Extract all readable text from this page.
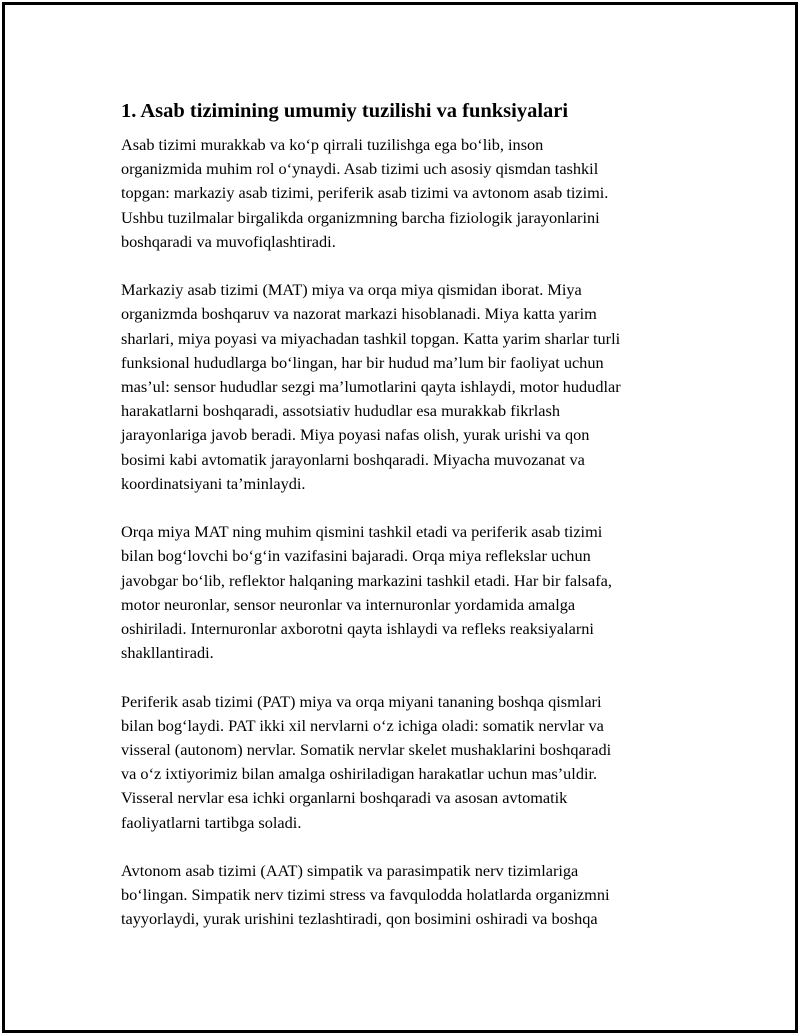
1. Asab tizimining umumiy tuzilishi va funksiyalari

Asab tizimi murakkab va koʻp qirrali tuzilishga ega boʻlib, inson
organizmida muhim rol oʻynaydi. Asab tizimi uch asosiy qismdan tashkil
topgan: markaziy asab tizimi, periferik asab tizimi va avtonom asab tizimi.
Ushbu tuzilmalar birgalikda organizmning barcha fiziologik jarayonlarini
boshqaradi va muvofiqlashtiradi.

Markaziy asab tizimi (MAT) miya va orqa miya qismidan iborat. Miya
organizmda boshqaruv va nazorat markazi hisoblanadi. Miya katta yarim
sharlari, miya poyasi va miyachadan tashkil topgan. Katta yarim sharlar turli
funksional hududlarga boʻlingan, har bir hudud maʼlum bir faoliyat uchun
masʼul: sensor hududlar sezgi maʼlumotlarini qayta ishlaydi, motor hududlar
harakatlarni boshqaradi, assotsiativ hududlar esa murakkab fikrlash
jarayonlariga javob beradi. Miya poyasi nafas olish, yurak urishi va qon
bosimi kabi avtomatik jarayonlarni boshqaradi. Miyacha muvozanat va
koordinatsiyani taʼminlaydi.

Orqa miya MAT ning muhim qismini tashkil etadi va periferik asab tizimi
bilan bogʻlovchi boʻgʻin vazifasini bajaradi. Orqa miya reflekslar uchun
javobgar boʻlib, reflektor halqaning markazini tashkil etadi. Har bir falsafa,
motor neuronlar, sensor neuronlar va internuronlar yordamida amalga
oshiriladi. Internuronlar axborotni qayta ishlaydi va refleks reaksiyalarni
shakllantiradi.

Periferik asab tizimi (PAT) miya va orqa miyani tananing boshqa qismlari
bilan bogʻlaydi. PAT ikki xil nervlarni oʻz ichiga oladi: somatik nervlar va
visseral (autonom) nervlar. Somatik nervlar skelet mushaklarini boshqaradi
va oʻz ixtiyorimiz bilan amalga oshiriladigan harakatlar uchun masʼuldir.
Visseral nervlar esa ichki organlarni boshqaradi va asosan avtomatik
faoliyatlarni tartibga soladi.

Avtonom asab tizimi (AAT) simpatik va parasimpatik nerv tizimlariga
boʻlingan. Simpatik nerv tizimi stress va favqulodda holatlarda organizmni
tayyorlaydi, yurak urishini tezlashtiradi, qon bosimini oshiradi va boshqa
